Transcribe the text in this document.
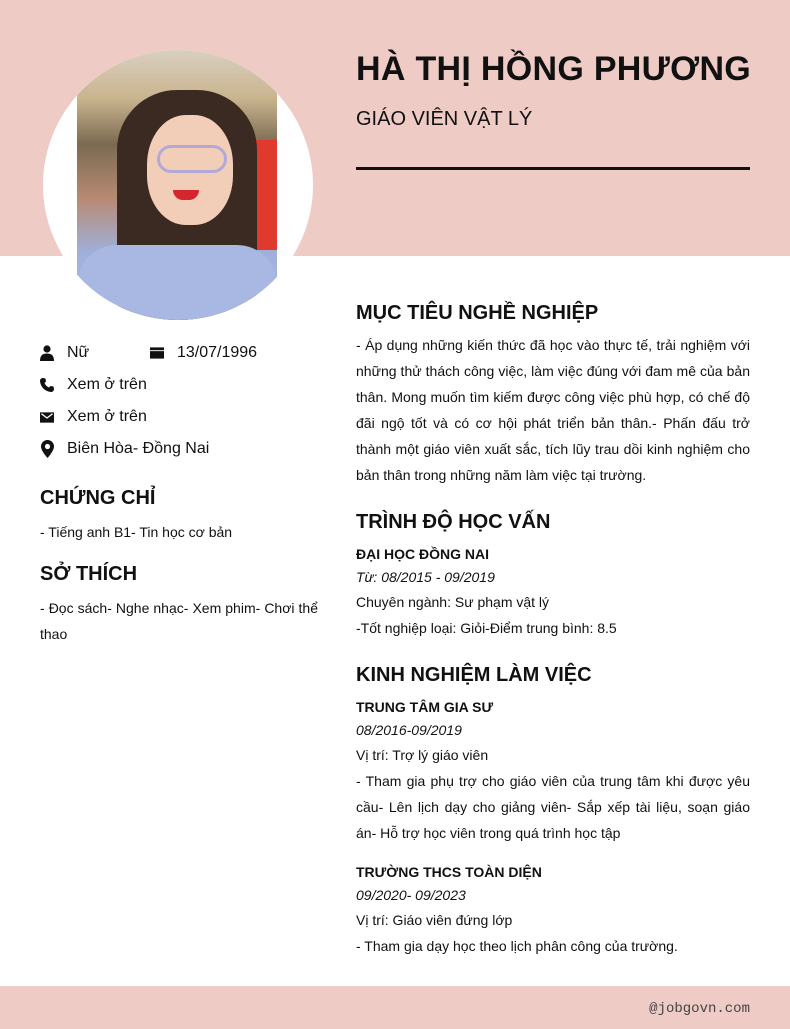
HÀ THỊ HỒNG PHƯƠNG
GIÁO VIÊN VẬT LÝ
Nữ	13/07/1996
Xem ở trên
Xem ở trên
Biên Hòa- Đồng Nai
CHỨNG CHỈ
- Tiếng anh B1- Tin học cơ bản
SỞ THÍCH
- Đọc sách- Nghe nhạc- Xem phim- Chơi thể thao
MỤC TIÊU NGHỀ NGHIỆP
- Áp dụng những kiến thức đã học vào thực tế, trải nghiệm với những thử thách công việc, làm việc đúng với đam mê của bản thân. Mong muốn tìm kiếm được công việc phù hợp, có chế độ đãi ngộ tốt và có cơ hội phát triển bản thân.- Phấn đấu trở thành một giáo viên xuất sắc, tích lũy trau dồi kinh nghiệm cho bản thân trong những năm làm việc tại trường.
TRÌNH ĐỘ HỌC VẤN
ĐẠI HỌC ĐỒNG NAI
Từ: 08/2015 - 09/2019
Chuyên ngành: Sư phạm vật lý
-Tốt nghiệp loại: Giỏi-Điểm trung bình: 8.5
KINH NGHIỆM LÀM VIỆC
TRUNG TÂM GIA SƯ
08/2016-09/2019
Vị trí: Trợ lý giáo viên
- Tham gia phụ trợ cho giáo viên của trung tâm khi được yêu cầu- Lên lịch dạy cho giảng viên- Sắp xếp tài liệu, soạn giáo án- Hỗ trợ học viên trong quá trình học tập
TRƯỜNG THCS TOÀN DIỆN
09/2020- 09/2023
Vị trí: Giáo viên đứng lớp
- Tham gia dạy học theo lịch phân công của trường.
@jobgovn.com
